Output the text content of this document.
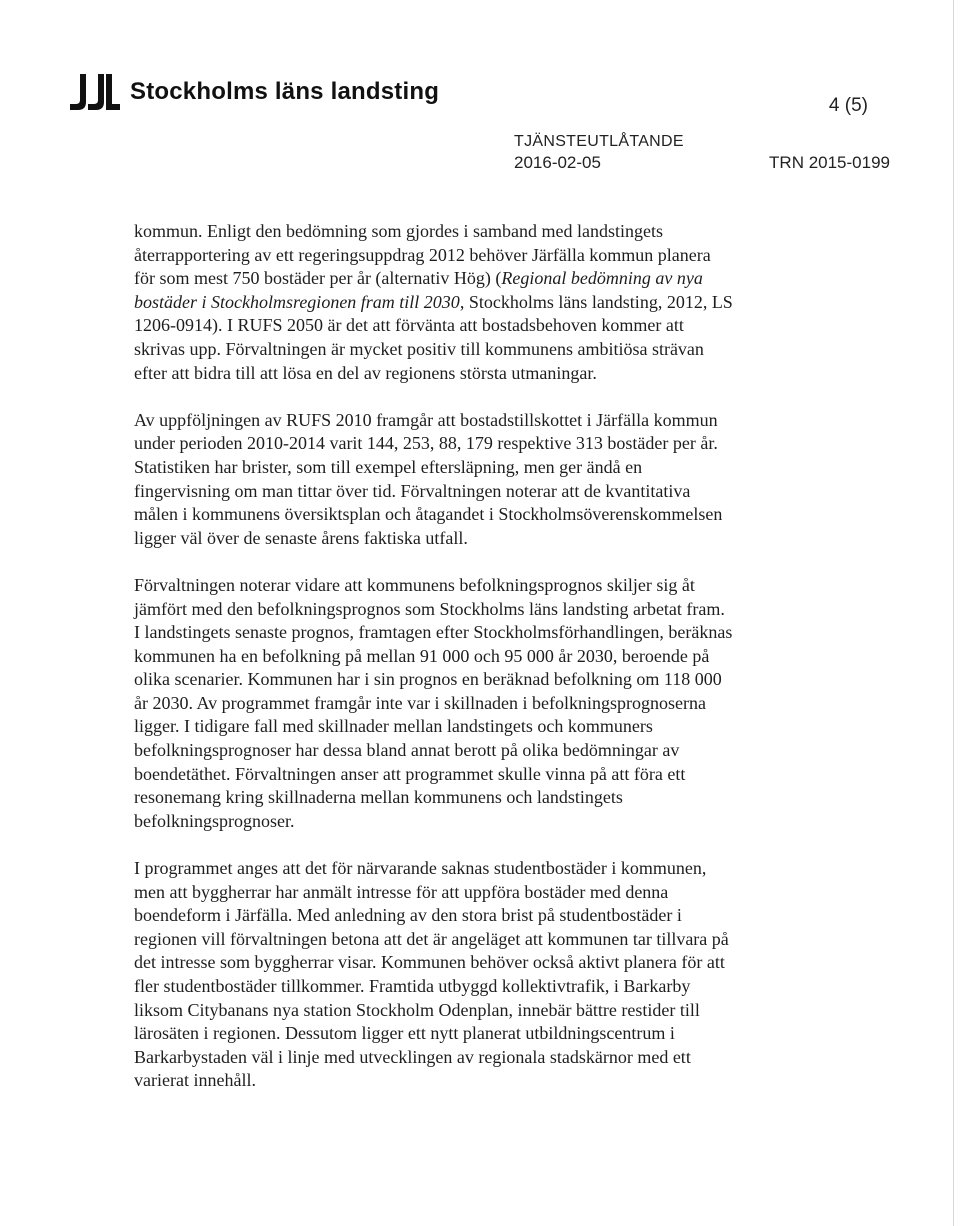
Stockholms läns landsting
4 (5)
TJÄNSTEUTLÅTANDE
2016-02-05	TRN 2015-0199

kommun. Enligt den bedömning som gjordes i samband med landstingets återrapportering av ett regeringsuppdrag 2012 behöver Järfälla kommun planera för som mest 750 bostäder per år (alternativ Hög) (Regional bedömning av nya bostäder i Stockholmsregionen fram till 2030, Stockholms läns landsting, 2012, LS 1206-0914). I RUFS 2050 är det att förvänta att bostadsbehoven kommer att skrivas upp. Förvaltningen är mycket positiv till kommunens ambitiösa strävan efter att bidra till att lösa en del av regionens största utmaningar.

Av uppföljningen av RUFS 2010 framgår att bostadstillskottet i Järfälla kommun under perioden 2010-2014 varit 144, 253, 88, 179 respektive 313 bostäder per år. Statistiken har brister, som till exempel eftersläpning, men ger ändå en fingervisning om man tittar över tid. Förvaltningen noterar att de kvantitativa målen i kommunens översiktsplan och åtagandet i Stockholmsöverenskommelsen ligger väl över de senaste årens faktiska utfall.

Förvaltningen noterar vidare att kommunens befolkningsprognos skiljer sig åt jämfört med den befolkningsprognos som Stockholms läns landsting arbetat fram. I landstingets senaste prognos, framtagen efter Stockholmsförhandlingen, beräknas kommunen ha en befolkning på mellan 91 000 och 95 000 år 2030, beroende på olika scenarier. Kommunen har i sin prognos en beräknad befolkning om 118 000 år 2030. Av programmet framgår inte var i skillnaden i befolkningsprognoserna ligger. I tidigare fall med skillnader mellan landstingets och kommuners befolkningsprognoser har dessa bland annat berott på olika bedömningar av boendetäthet. Förvaltningen anser att programmet skulle vinna på att föra ett resonemang kring skillnaderna mellan kommunens och landstingets befolkningsprognoser.

I programmet anges att det för närvarande saknas studentbostäder i kommunen, men att byggherrar har anmält intresse för att uppföra bostäder med denna boendeform i Järfälla. Med anledning av den stora brist på studentbostäder i regionen vill förvaltningen betona att det är angeläget att kommunen tar tillvara på det intresse som byggherrar visar. Kommunen behöver också aktivt planera för att fler studentbostäder tillkommer. Framtida utbyggd kollektivtrafik, i Barkarby liksom Citybanans nya station Stockholm Odenplan, innebär bättre restider till lärosäten i regionen. Dessutom ligger ett nytt planerat utbildningscentrum i Barkarbystaden väl i linje med utvecklingen av regionala stadskärnor med ett varierat innehåll.
